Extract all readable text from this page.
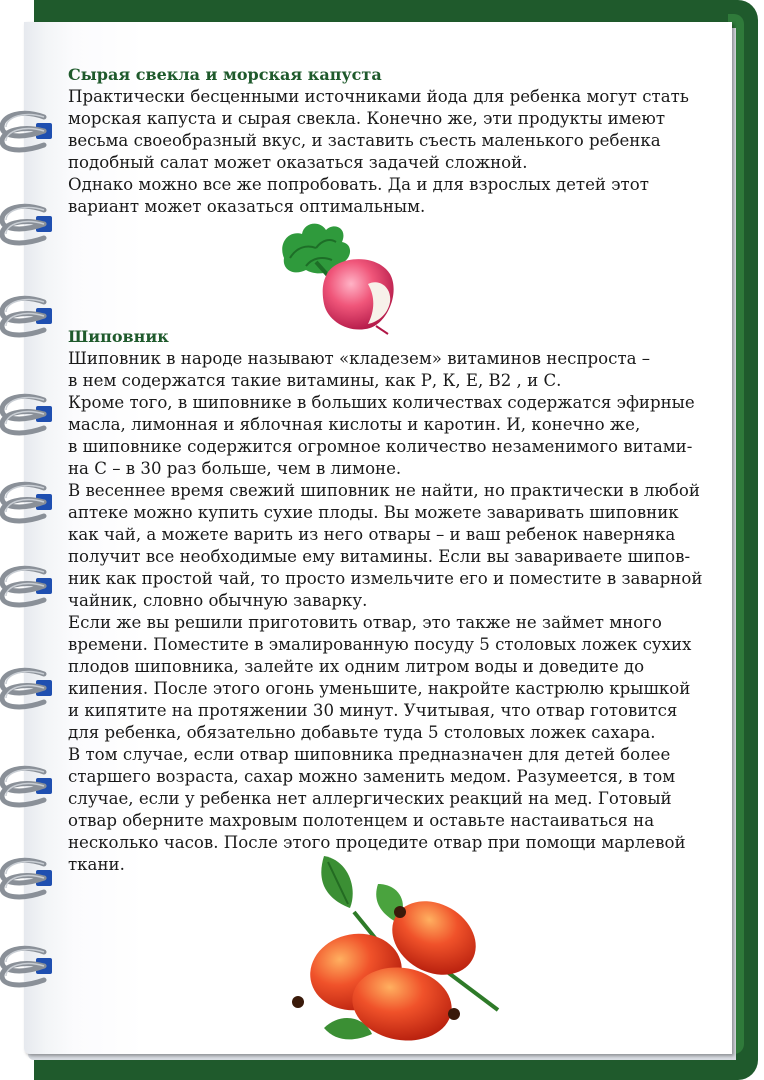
Сырая свекла и морская капуста

Практически бесценными источниками йода для ребенка могут стать

морская капуста и сырая свекла. Конечно же, эти продукты имеют

весьма своеобразный вкус, и заставить съесть маленького ребенка

подобный салат может оказаться задачей сложной.

Однако можно все же попробовать. Да и для взрослых детей этот

вариант может оказаться оптимальным.

Шиповник

Шиповник в народе называют «кладезем» витаминов неспроста –

в нем содержатся такие витамины, как Р, К, Е, В2 , и С.

Кроме того, в шиповнике в больших количествах содержатся эфирные

масла, лимонная и яблочная кислоты и каротин. И, конечно же,

в шиповнике содержится огромное количество незаменимого витами-

на С – в 30 раз больше, чем в лимоне.

В весеннее время свежий шиповник не найти, но практически в любой

аптеке можно купить сухие плоды. Вы можете заваривать шиповник

как чай, а можете варить из него отвары – и ваш ребенок наверняка

получит все необходимые ему витамины. Если вы завариваете шипов-

ник как простой чай, то просто измельчите его и поместите в заварной

чайник, словно обычную заварку.

Если же вы решили приготовить отвар, это также не займет много

времени. Поместите в эмалированную посуду 5 столовых ложек сухих

плодов шиповника, залейте их одним литром воды и доведите до

кипения. После этого огонь уменьшите, накройте кастрюлю крышкой

и кипятите на протяжении 30 минут. Учитывая, что отвар готовится

для ребенка, обязательно добавьте туда 5 столовых ложек сахара.

В том случае, если отвар шиповника предназначен для детей более

старшего возраста, сахар можно заменить медом. Разумеется, в том

случае, если у ребенка нет аллергических реакций на мед. Готовый

отвар оберните махровым полотенцем и оставьте настаиваться на

несколько часов. После этого процедите отвар при помощи марлевой

ткани.
